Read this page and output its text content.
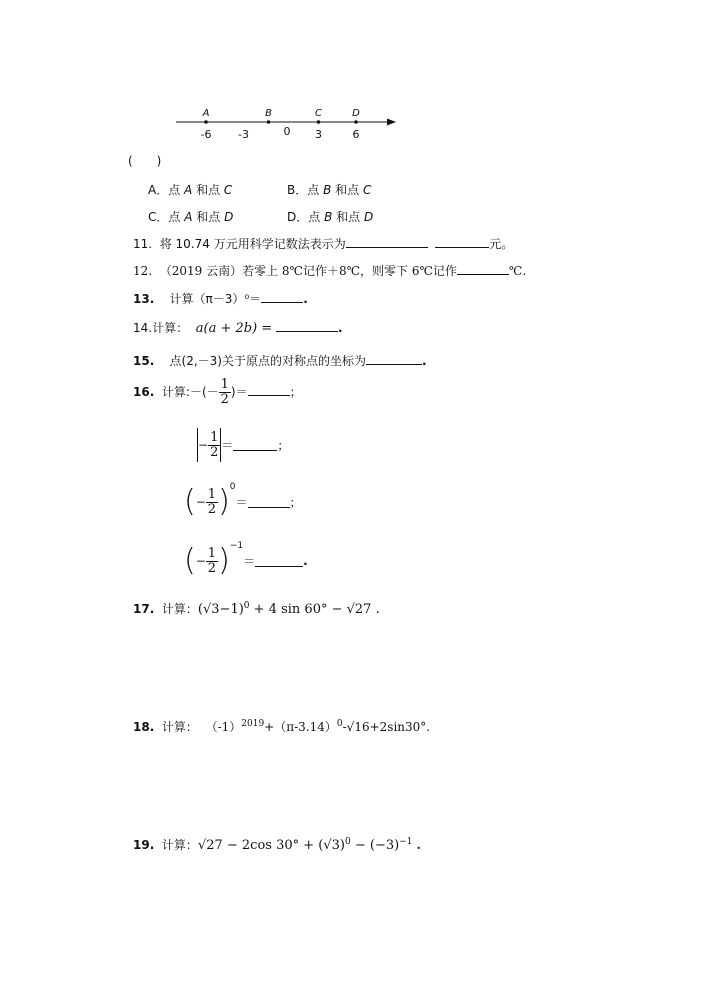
-6 -3	0 3	6
A	B	C	D
(　　)
A．点 A 和点 C	B．点 B 和点 C
C．点 A 和点 D	D．点 B 和点 D
11. 将 10.74 万元用科学记数法表示为	元。
12. （2019 云南）若零上 8℃记作＋8℃，则零下 6℃记作	℃.
13. 计算（π－3）⁰＝	.
14.计算： a(a + 2b) =	.
15. 点(2,－3)关于原点的对称点的坐标为	.
16. 计算:－(－ $\frac{1}{2}$ )＝	；
− $\frac{1}{2}$ ＝	；
(− $\frac{1}{2} )^0=$	；
(− $\frac{1}{2} )^{-1}=$	.
17. 计算：$(√3-1)^0 + 4$ sin 60° − √27 .
18. 计算： $(-1)^{2019}+(\pi-3.14)^0-√16+2\sin 30^\circ$.
19. 计算：√27 − 2cos $30^\circ + (√3)^0 - (-3)^{-1}$ .
